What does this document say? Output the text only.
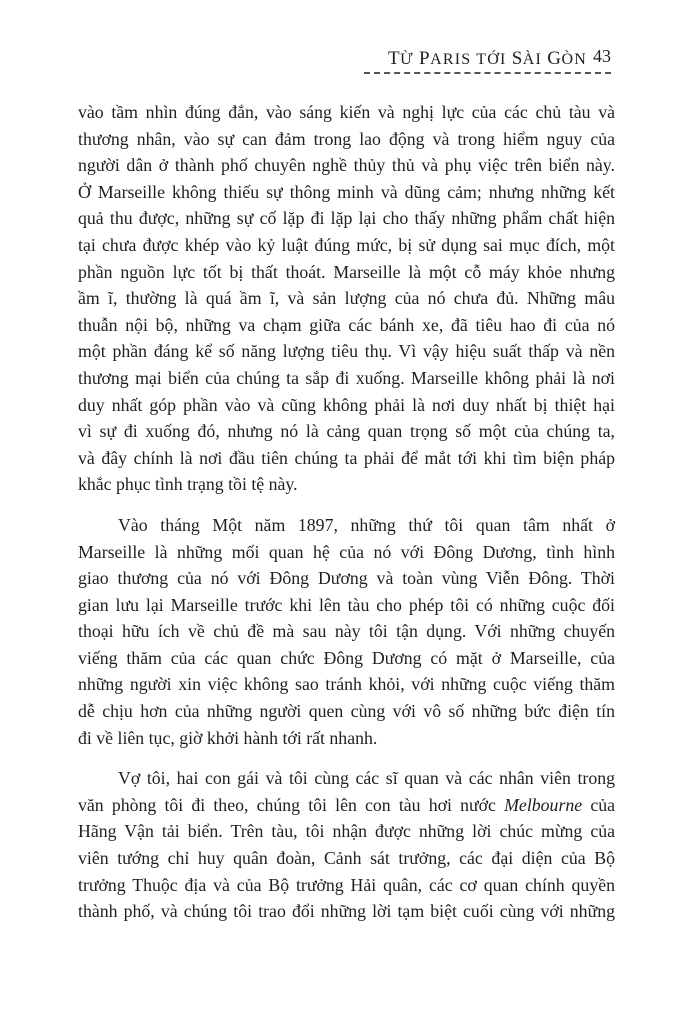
TỪ PARIS TỚI SÀI GÒN 43

vào tầm nhìn đúng đắn, vào sáng kiến và nghị lực của các chủ tàu và
thương nhân, vào sự can đảm trong lao động và trong hiểm nguy của
người dân ở thành phố chuyên nghề thủy thủ và phụ việc trên biển này.
Ở Marseille không thiếu sự thông minh và dũng cảm; nhưng những kết
quả thu được, những sự cố lặp đi lặp lại cho thấy những phẩm chất hiện
tại chưa được khép vào kỷ luật đúng mức, bị sử dụng sai mục đích, một
phần nguồn lực tốt bị thất thoát. Marseille là một cỗ máy khỏe nhưng
ầm ĩ, thường là quá ầm ĩ, và sản lượng của nó chưa đủ. Những mâu
thuẫn nội bộ, những va chạm giữa các bánh xe, đã tiêu hao đi của nó
một phần đáng kể số năng lượng tiêu thụ. Vì vậy hiệu suất thấp và nền
thương mại biển của chúng ta sắp đi xuống. Marseille không phải là nơi
duy nhất góp phần vào và cũng không phải là nơi duy nhất bị thiệt hại
vì sự đi xuống đó, nhưng nó là cảng quan trọng số một của chúng ta,
và đây chính là nơi đầu tiên chúng ta phải để mắt tới khi tìm biện pháp
khắc phục tình trạng tồi tệ này.

Vào tháng Một năm 1897, những thứ tôi quan tâm nhất ở
Marseille là những mối quan hệ của nó với Đông Dương, tình hình
giao thương của nó với Đông Dương và toàn vùng Viễn Đông. Thời
gian lưu lại Marseille trước khi lên tàu cho phép tôi có những cuộc đối
thoại hữu ích về chủ đề mà sau này tôi tận dụng. Với những chuyến
viếng thăm của các quan chức Đông Dương có mặt ở Marseille, của
những người xin việc không sao tránh khỏi, với những cuộc viếng thăm
dễ chịu hơn của những người quen cùng với vô số những bức điện tín
đi về liên tục, giờ khởi hành tới rất nhanh.

Vợ tôi, hai con gái và tôi cùng các sĩ quan và các nhân viên trong
văn phòng tôi đi theo, chúng tôi lên con tàu hơi nước Melbourne của
Hãng Vận tải biển. Trên tàu, tôi nhận được những lời chúc mừng của
viên tướng chỉ huy quân đoàn, Cảnh sát trưởng, các đại diện của Bộ
trưởng Thuộc địa và của Bộ trưởng Hải quân, các cơ quan chính quyền
thành phố, và chúng tôi trao đổi những lời tạm biệt cuối cùng với những
